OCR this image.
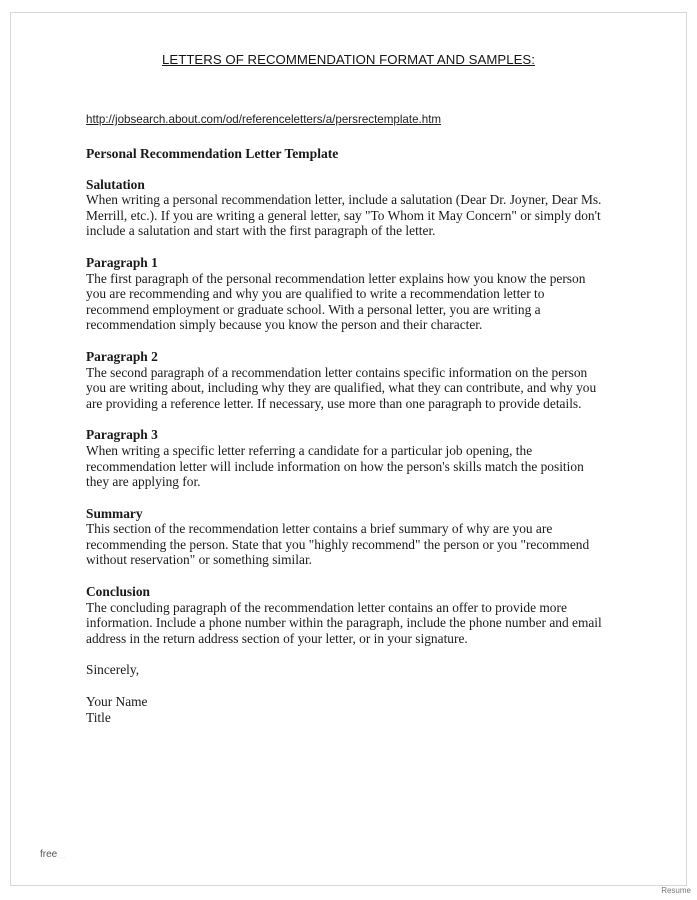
LETTERS OF RECOMMENDATION FORMAT AND SAMPLES:
http://jobsearch.about.com/od/referenceletters/a/persrectemplate.htm
Personal Recommendation Letter Template
Salutation
When writing a personal recommendation letter, include a salutation (Dear Dr. Joyner, Dear Ms.
Merrill, etc.). If you are writing a general letter, say "To Whom it May Concern" or simply don't
include a salutation and start with the first paragraph of the letter.
Paragraph 1
The first paragraph of the personal recommendation letter explains how you know the person
you are recommending and why you are qualified to write a recommendation letter to
recommend employment or graduate school. With a personal letter, you are writing a
recommendation simply because you know the person and their character.
Paragraph 2
The second paragraph of a recommendation letter contains specific information on the person
you are writing about, including why they are qualified, what they can contribute, and why you
are providing a reference letter. If necessary, use more than one paragraph to provide details.
Paragraph 3
When writing a specific letter referring a candidate for a particular job opening, the
recommendation letter will include information on how the person's skills match the position
they are applying for.
Summary
This section of the recommendation letter contains a brief summary of why are you are
recommending the person. State that you "highly recommend" the person or you "recommend
without reservation" or something similar.
Conclusion
The concluding paragraph of the recommendation letter contains an offer to provide more
information. Include a phone number within the paragraph, include the phone number and email
address in the return address section of your letter, or in your signature.
Sincerely,
Your Name
Title
free ...
Resume
